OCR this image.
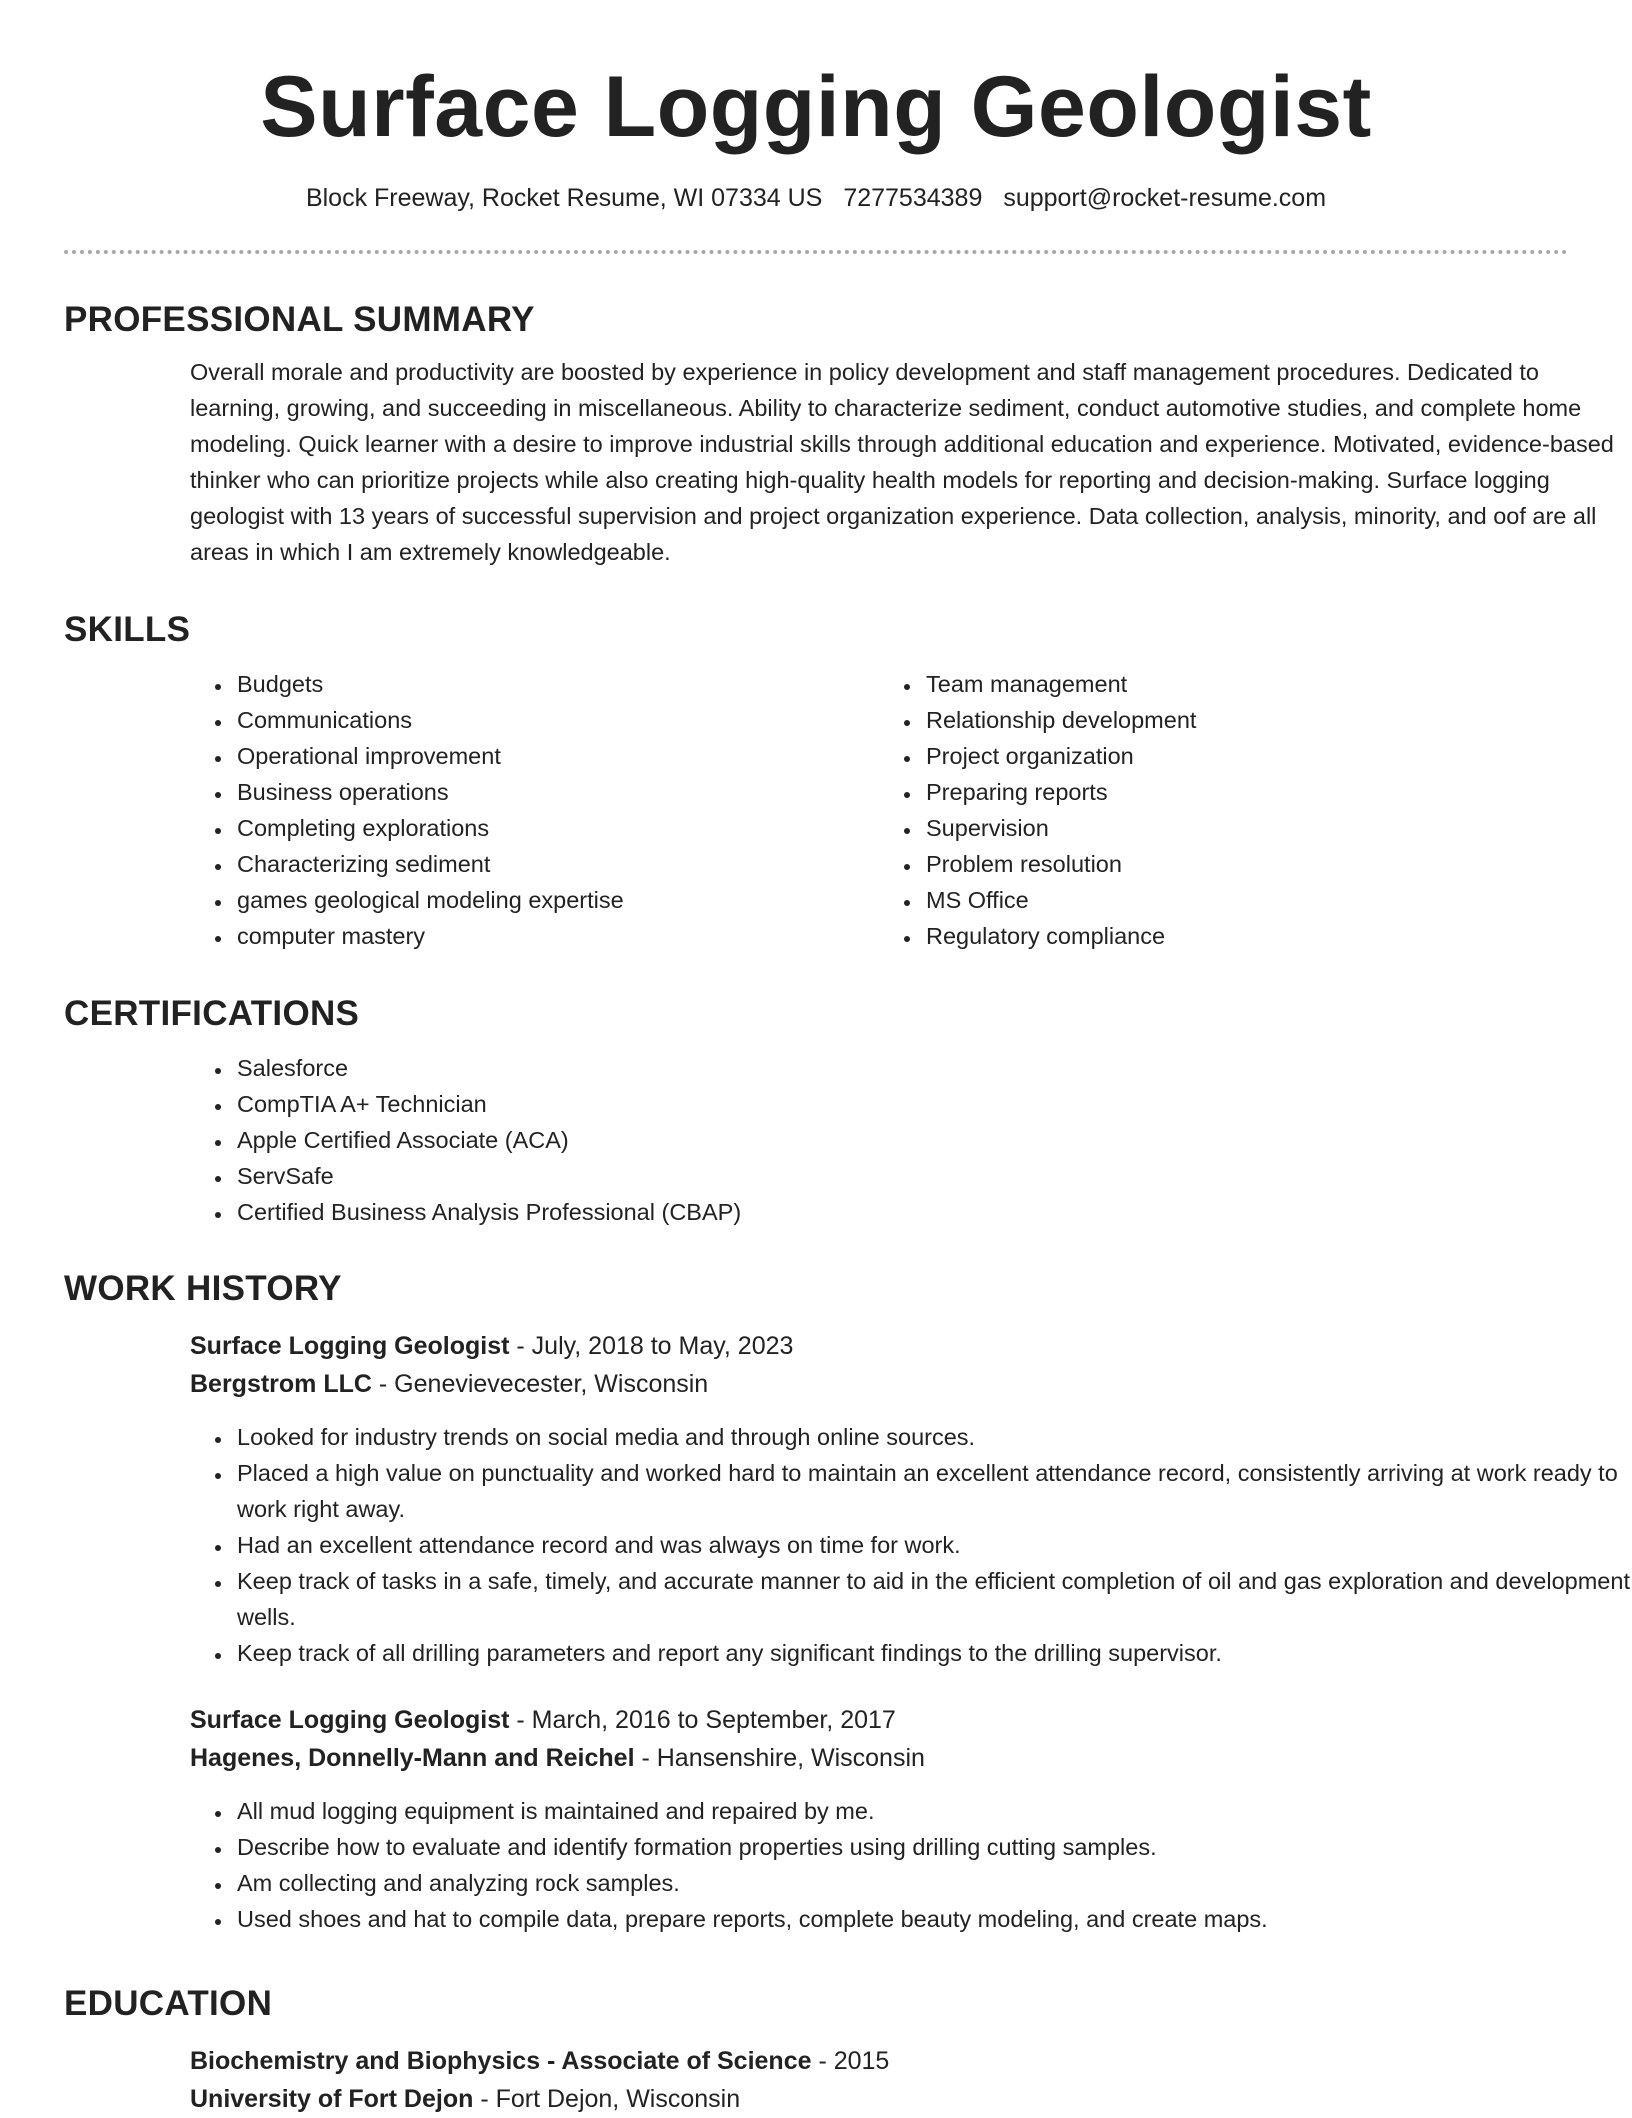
Surface Logging Geologist
Block Freeway, Rocket Resume, WI 07334 US 7277534389 support@rocket-resume.com
PROFESSIONAL SUMMARY

Overall morale and productivity are boosted by experience in policy development and staff management procedures. Dedicated to learning, growing, and succeeding in miscellaneous. Ability to characterize sediment, conduct automotive studies, and complete home modeling. Quick learner with a desire to improve industrial skills through additional education and experience. Motivated, evidence-based thinker who can prioritize projects while also creating high-quality health models for reporting and decision-making. Surface logging geologist with 13 years of successful supervision and project organization experience. Data collection, analysis, minority, and oof are all areas in which I am extremely knowledgeable.

SKILLS
• Budgets
• Communications
• Operational improvement
• Business operations
• Completing explorations
• Characterizing sediment
• games geological modeling expertise
• computer mastery
• Team management
• Relationship development
• Project organization
• Preparing reports
• Supervision
• Problem resolution
• MS Office
• Regulatory compliance
CERTIFICATIONS
• Salesforce
• CompTIA A+ Technician
• Apple Certified Associate (ACA)
• ServSafe
• Certified Business Analysis Professional (CBAP)
WORK HISTORY
Surface Logging Geologist - July, 2018 to May, 2023
Bergstrom LLC - Genevievecester, Wisconsin
• Looked for industry trends on social media and through online sources.
• Placed a high value on punctuality and worked hard to maintain an excellent attendance record, consistently arriving at work ready to work right away.
• Had an excellent attendance record and was always on time for work.
• Keep track of tasks in a safe, timely, and accurate manner to aid in the efficient completion of oil and gas exploration and development wells.
• Keep track of all drilling parameters and report any significant findings to the drilling supervisor.
Surface Logging Geologist - March, 2016 to September, 2017
Hagenes, Donnelly-Mann and Reichel - Hansenshire, Wisconsin
• All mud logging equipment is maintained and repaired by me.
• Describe how to evaluate and identify formation properties using drilling cutting samples.
• Am collecting and analyzing rock samples.
• Used shoes and hat to compile data, prepare reports, complete beauty modeling, and create maps.
EDUCATION
Biochemistry and Biophysics - Associate of Science - 2015
University of Fort Dejon - Fort Dejon, Wisconsin
